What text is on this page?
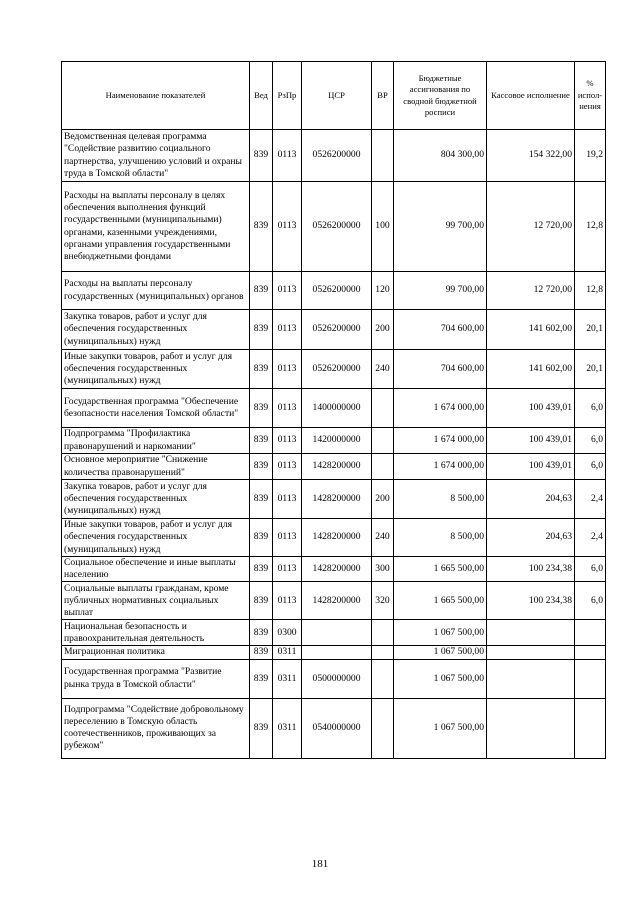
Наименование показателей	Вед	РзПр	ЦСР	ВР	Бюджетные ассигнования по сводной бюджетной росписи	Кассовое исполнение	% испол-нения
Ведомственная целевая программа "Содействие развитию социального партнерства, улучшению условий и охраны труда в Томской области"	839	0113	0526200000		804 300,00	154 322,00	19,2
Расходы на выплаты персоналу в целях обеспечения выполнения функций государственными (муниципальными) органами, казенными учреждениями, органами управления государственными внебюджетными фондами	839	0113	0526200000	100	99 700,00	12 720,00	12,8
Расходы на выплаты персоналу государственных (муниципальных) органов	839	0113	0526200000	120	99 700,00	12 720,00	12,8
Закупка товаров, работ и услуг для обеспечения государственных (муниципальных) нужд	839	0113	0526200000	200	704 600,00	141 602,00	20,1
Иные закупки товаров, работ и услуг для обеспечения государственных (муниципальных) нужд	839	0113	0526200000	240	704 600,00	141 602,00	20,1
Государственная программа "Обеспечение безопасности населения Томской области"	839	0113	1400000000		1 674 000,00	100 439,01	6,0
Подпрограмма "Профилактика правонарушений и наркомании"	839	0113	1420000000		1 674 000,00	100 439,01	6,0
Основное мероприятие "Снижение количества правонарушений"	839	0113	1428200000		1 674 000,00	100 439,01	6,0
Закупка товаров, работ и услуг для обеспечения государственных (муниципальных) нужд	839	0113	1428200000	200	8 500,00	204,63	2,4
Иные закупки товаров, работ и услуг для обеспечения государственных (муниципальных) нужд	839	0113	1428200000	240	8 500,00	204,63	2,4
Социальное обеспечение и иные выплаты населению	839	0113	1428200000	300	1 665 500,00	100 234,38	6,0
Социальные выплаты гражданам, кроме публичных нормативных социальных выплат	839	0113	1428200000	320	1 665 500,00	100 234,38	6,0
Национальная безопасность и правоохранительная деятельность	839	0300			1 067 500,00		
Миграционная политика	839	0311			1 067 500,00		
Государственная программа "Развитие рынка труда в Томской области"	839	0311	0500000000		1 067 500,00		
Подпрограмма "Содействие добровольному переселению в Томскую область соотечественников, проживающих за рубежом"	839	0311	0540000000		1 067 500,00		
181
